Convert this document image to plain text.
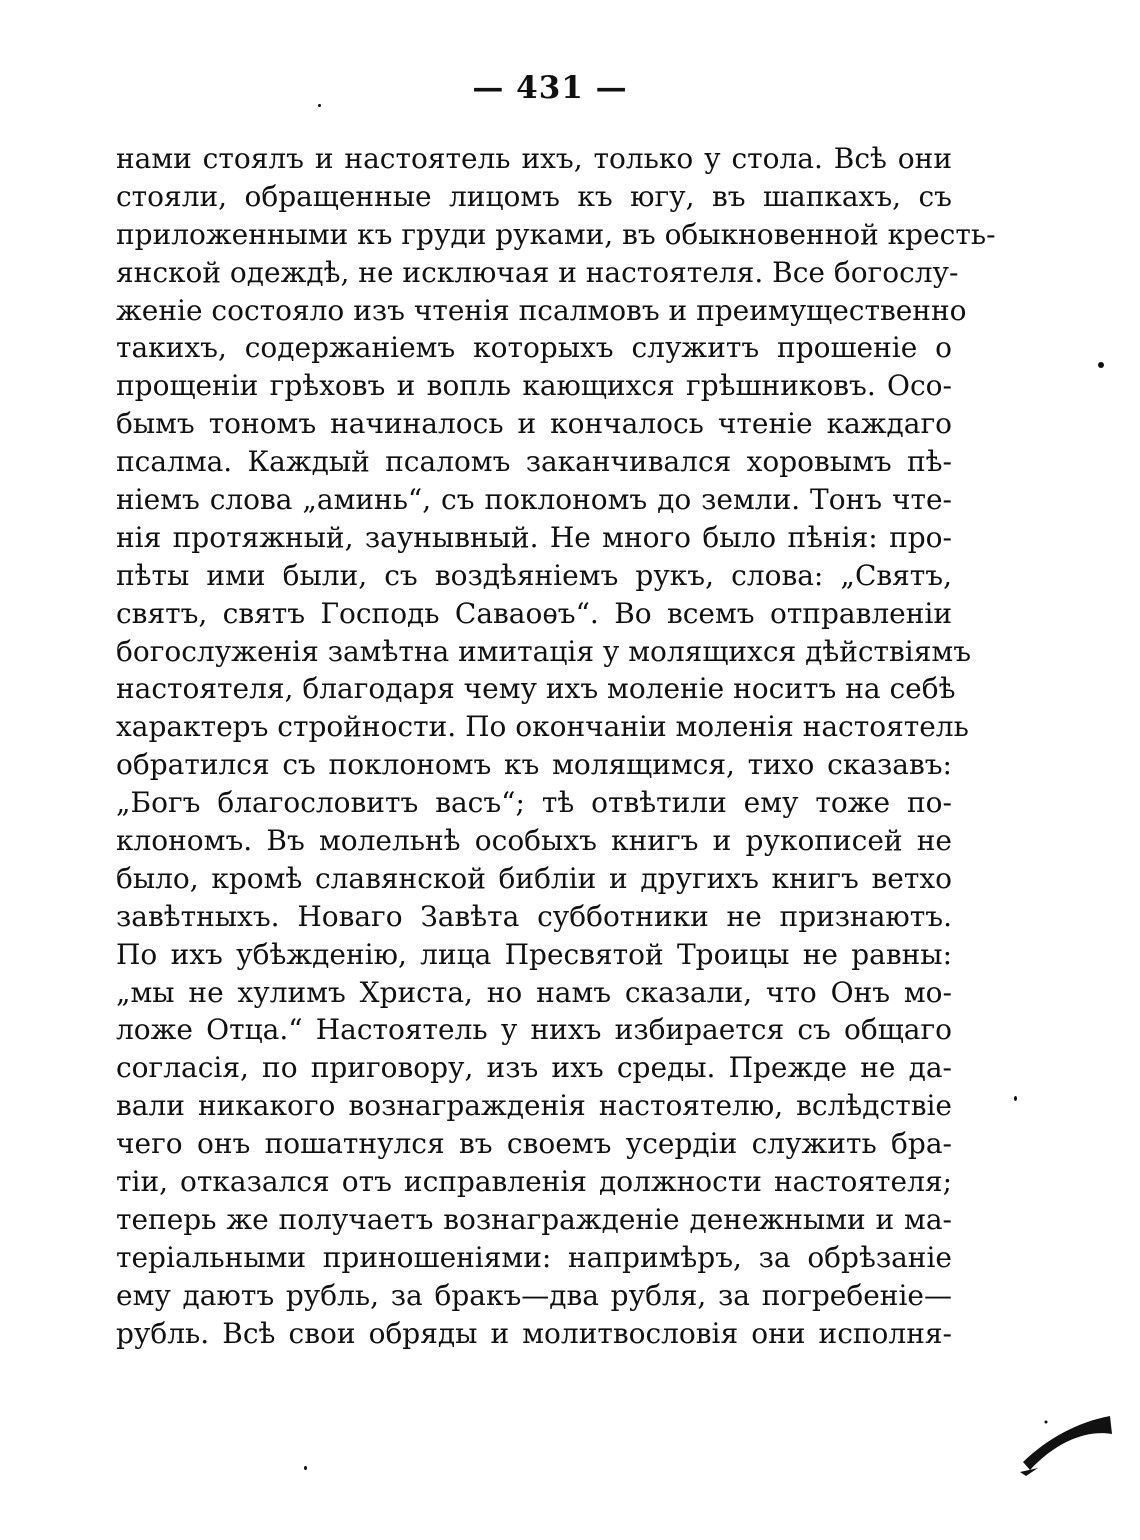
— 431 —
нами стоялъ и настоятель ихъ, только у стола. Всѣ они
стояли, обращенные лицомъ къ югу, въ шапкахъ, съ
приложенными къ груди руками, въ обыкновенной кресть-
янской одеждѣ, не исключая и настоятеля. Все богослу-
женіе состояло изъ чтенія псалмовъ и преимущественно
такихъ, содержаніемъ которыхъ служитъ прошеніе о
прощеніи грѣховъ и вопль кающихся грѣшниковъ. Осо-
бымъ тономъ начиналось и кончалось чтеніе каждаго
псалма. Каждый псаломъ заканчивался хоровымъ пѣ-
ніемъ слова „аминь“, съ поклономъ до земли. Тонъ чте-
нія протяжный, заунывный. Не много было пѣнія: про-
пѣты ими были, съ воздѣяніемъ рукъ, слова: „Святъ,
святъ, святъ Господь Саваоѳъ“. Во всемъ отправленіи
богослуженія замѣтна имитація у молящихся дѣйствіямъ
настоятеля, благодаря чему ихъ моленіе носитъ на себѣ
характеръ стройности. По окончаніи моленія настоятель
обратился съ поклономъ къ молящимся, тихо сказавъ:
„Богъ благословитъ васъ“; тѣ отвѣтили ему тоже по-
клономъ. Въ молельнѣ особыхъ книгъ и рукописей не
было, кромѣ славянской библіи и другихъ книгъ ветхо
завѣтныхъ. Новаго Завѣта субботники не признаютъ.
По ихъ убѣжденію, лица Пресвятой Троицы не равны:
„мы не хулимъ Христа, но намъ сказали, что Онъ мо-
ложе Отца.“ Настоятель у нихъ избирается съ общаго
согласія, по приговору, изъ ихъ среды. Прежде не да-
вали никакого вознагражденія настоятелю, вслѣдствіе
чего онъ пошатнулся въ своемъ усердіи служить бра-
тіи, отказался отъ исправленія должности настоятеля;
теперь же получаетъ вознагражденіе денежными и ма-
теріальными приношеніями: напримѣръ, за обрѣзаніе
ему даютъ рубль, за бракъ—два рубля, за погребеніе—
рубль. Всѣ свои обряды и молитвословія они исполня-
